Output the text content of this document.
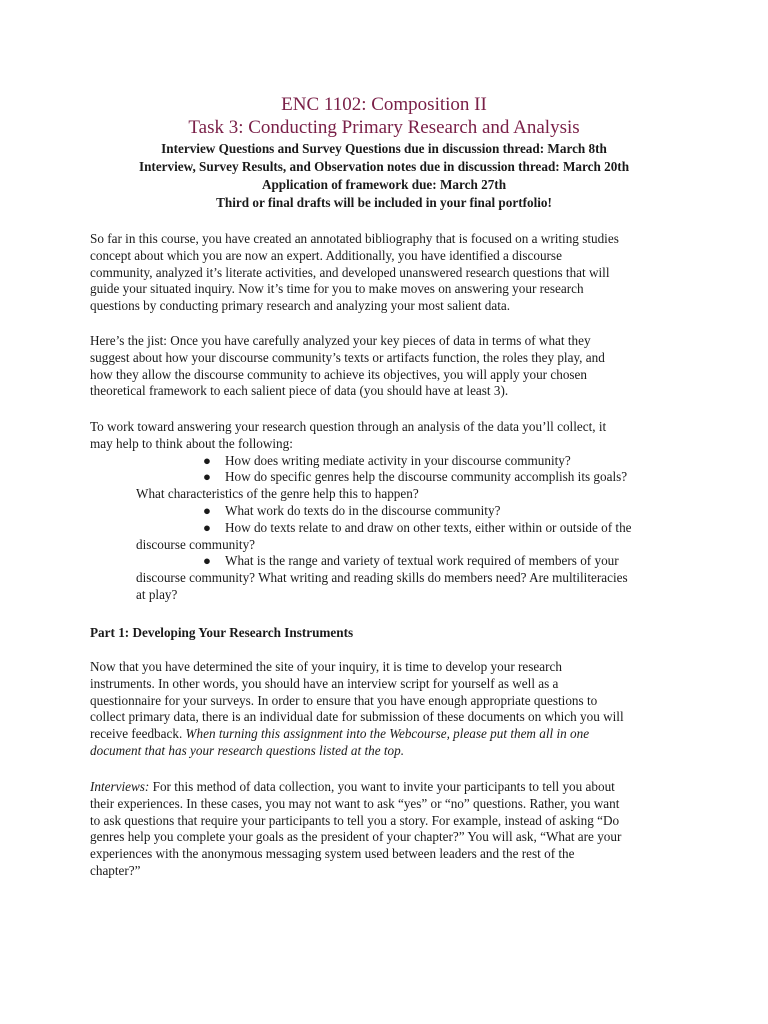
ENC 1102: Composition II
Task 3: Conducting Primary Research and Analysis

Interview Questions and Survey Questions due in discussion thread: March 8th

Interview, Survey Results, and Observation notes due in discussion thread: March 20th

Application of framework due: March 27th

Third or final drafts will be included in your final portfolio!

So far in this course, you have created an annotated bibliography that is focused on a writing studies

concept about which you are now an expert. Additionally, you have identified a discourse

community, analyzed it’s literate activities, and developed unanswered research questions that will

guide your situated inquiry. Now it’s time for you to make moves on answering your research

questions by conducting primary research and analyzing your most salient data.

Here’s the jist: Once you have carefully analyzed your key pieces of data in terms of what they

suggest about how your discourse community’s texts or artifacts function, the roles they play, and

how they allow the discourse community to achieve its objectives, you will apply your chosen

theoretical framework to each salient piece of data (you should have at least 3).

To work toward answering your research question through an analysis of the data you’ll collect, it

may help to think about the following:

● How does writing mediate activity in your discourse community?

● How do specific genres help the discourse community accomplish its goals?

What characteristics of the genre help this to happen?

● What work do texts do in the discourse community?

● How do texts relate to and draw on other texts, either within or outside of the

discourse community?

● What is the range and variety of textual work required of members of your

discourse community? What writing and reading skills do members need? Are multiliteracies

at play?

Part 1: Developing Your Research Instruments

Now that you have determined the site of your inquiry, it is time to develop your research

instruments. In other words, you should have an interview script for yourself as well as a

questionnaire for your surveys. In order to ensure that you have enough appropriate questions to

collect primary data, there is an individual date for submission of these documents on which you will

receive feedback. When turning this assignment into the Webcourse, please put them all in one

document that has your research questions listed at the top.

Interviews: For this method of data collection, you want to invite your participants to tell you about

their experiences. In these cases, you may not want to ask “yes” or “no” questions. Rather, you want

to ask questions that require your participants to tell you a story. For example, instead of asking “Do

genres help you complete your goals as the president of your chapter?” You will ask, “What are your

experiences with the anonymous messaging system used between leaders and the rest of the

chapter?”
